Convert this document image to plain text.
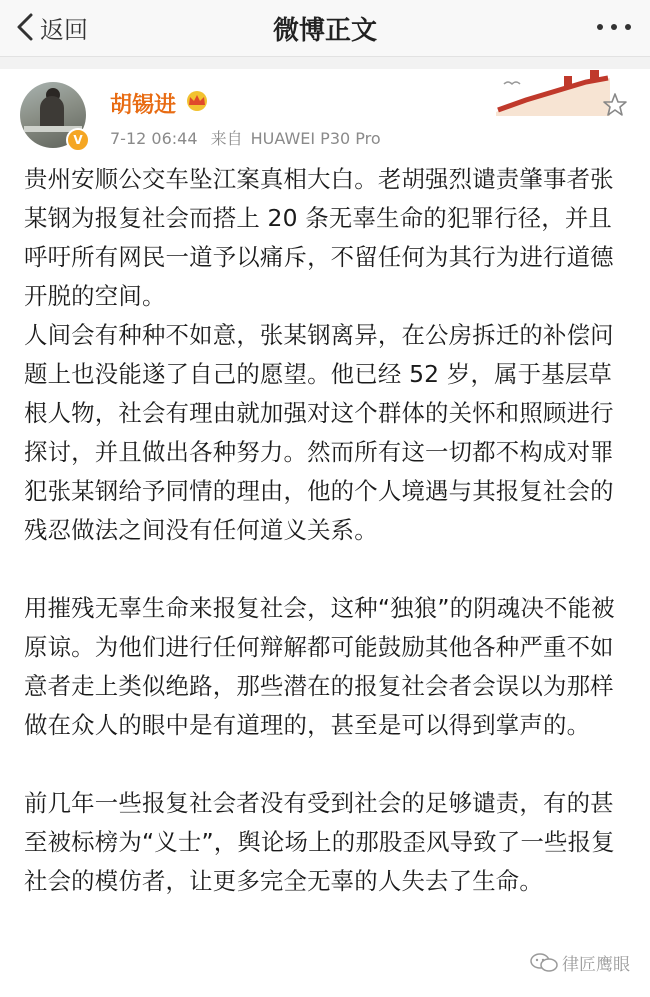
返回	微博正文
V
胡锡进
7-12 06:44 来自 HUAWEI P30 Pro

贵州安顺公交车坠江案真相大白。老胡强烈谴责肇事者张某钢为报复社会而搭上 20 条无辜生命的犯罪行径，并且呼吁所有网民一道予以痛斥，不留任何为其行为进行道德开脱的空间。

人间会有种种不如意，张某钢离异，在公房拆迁的补偿问题上也没能遂了自己的愿望。他已经 52 岁，属于基层草根人物，社会有理由就加强对这个群体的关怀和照顾进行探讨，并且做出各种努力。然而所有这一切都不构成对罪犯张某钢给予同情的理由，他的个人境遇与其报复社会的残忍做法之间没有任何道义关系。

用摧残无辜生命来报复社会，这种“独狼”的阴魂决不能被原谅。为他们进行任何辩解都可能鼓励其他各种严重不如意者走上类似绝路，那些潜在的报复社会者会误以为那样做在众人的眼中是有道理的，甚至是可以得到掌声的。

前几年一些报复社会者没有受到社会的足够谴责，有的甚至被标榜为“义士”，舆论场上的那股歪风导致了一些报复社会的模仿者，让更多完全无辜的人失去了生命。

律匠鹰眼
